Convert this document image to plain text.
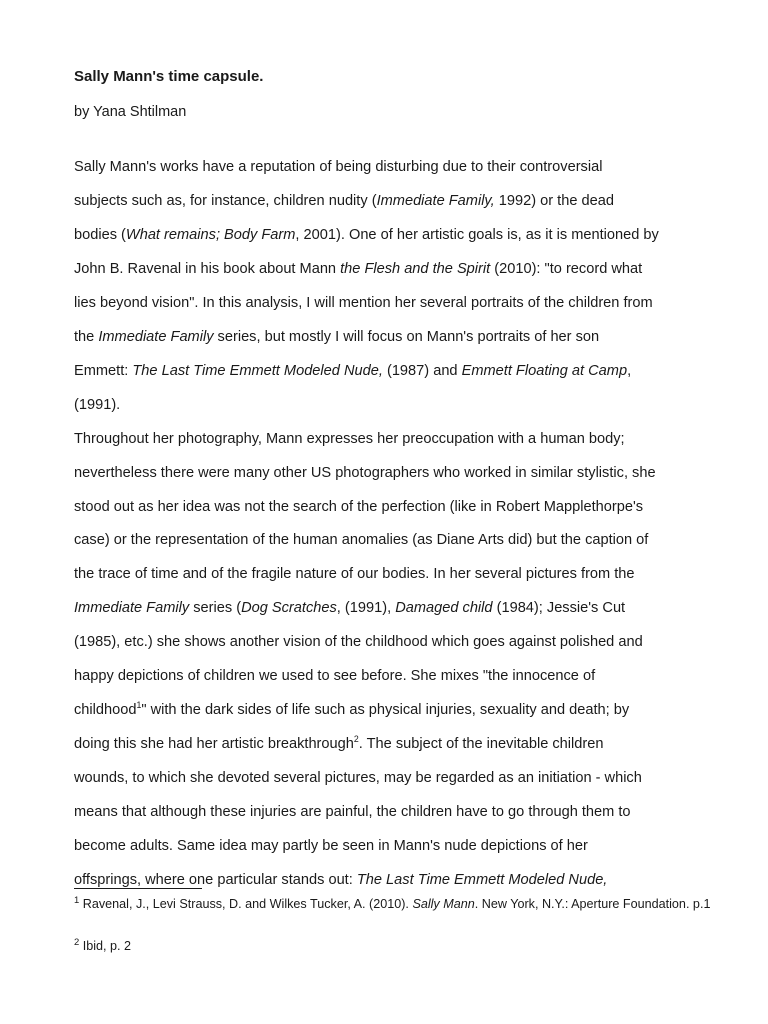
Sally Mann's time capsule.

by Yana Shtilman

Sally Mann's works have a reputation of being disturbing due to their controversial
subjects such as, for instance, children nudity (Immediate Family, 1992) or the dead
bodies (What remains; Body Farm, 2001). One of her artistic goals is, as it is mentioned by
John B. Ravenal in his book about Mann the Flesh and the Spirit (2010): "to record what
lies beyond vision". In this analysis, I will mention her several portraits of the children from
the Immediate Family series, but mostly I will focus on Mann's portraits of her son
Emmett: The Last Time Emmett Modeled Nude, (1987) and Emmett Floating at Camp,
(1991).
Throughout her photography, Mann expresses her preoccupation with a human body;
nevertheless there were many other US photographers who worked in similar stylistic, she
stood out as her idea was not the search of the perfection (like in Robert Mapplethorpe's
case) or the representation of the human anomalies (as Diane Arts did) but the caption of
the trace of time and of the fragile nature of our bodies. In her several pictures from the
Immediate Family series (Dog Scratches, (1991), Damaged child (1984); Jessie's Cut
(1985), etc.) she shows another vision of the childhood which goes against polished and
happy depictions of children we used to see before. She mixes "the innocence of
childhood$^1$" with the dark sides of life such as physical injuries, sexuality and death; by
doing this she had her artistic breakthrough$^2$. The subject of the inevitable children
wounds, to which she devoted several pictures, may be regarded as an initiation - which
means that although these injuries are painful, the children have to go through them to
become adults. Same idea may partly be seen in Mann's nude depictions of her
offsprings, where one particular stands out: The Last Time Emmett Modeled Nude,

$^1$ Ravenal, J., Levi Strauss, D. and Wilkes Tucker, A. (2010). Sally Mann. New York, N.Y.: Aperture Foundation. p.1

$^2$ Ibid, p. 2
